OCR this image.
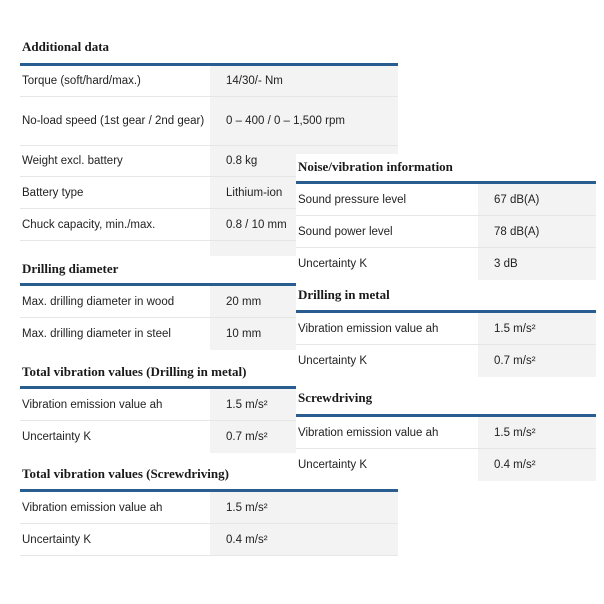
Additional data
Torque (soft/hard/max.)	14/30/- Nm
No-load speed (1st gear / 2nd gear)	0 – 400 / 0 – 1,500 rpm
Weight excl. battery	0.8 kg
Battery type	Lithium-ion
Chuck capacity, min./max.	0.8 / 10 mm
Drilling diameter
Max. drilling diameter in wood	20 mm
Max. drilling diameter in steel	10 mm
Total vibration values (Drilling in metal)
Vibration emission value ah	1.5 m/s²
Uncertainty K	0.7 m/s²
Total vibration values (Screwdriving)
Vibration emission value ah	1.5 m/s²
Uncertainty K	0.4 m/s²
Noise/vibration information
Sound pressure level	67 dB(A)
Sound power level	78 dB(A)
Uncertainty K	3 dB
Drilling in metal
Vibration emission value ah	1.5 m/s²
Uncertainty K	0.7 m/s²
Screwdriving
Vibration emission value ah	1.5 m/s²
Uncertainty K	0.4 m/s²
